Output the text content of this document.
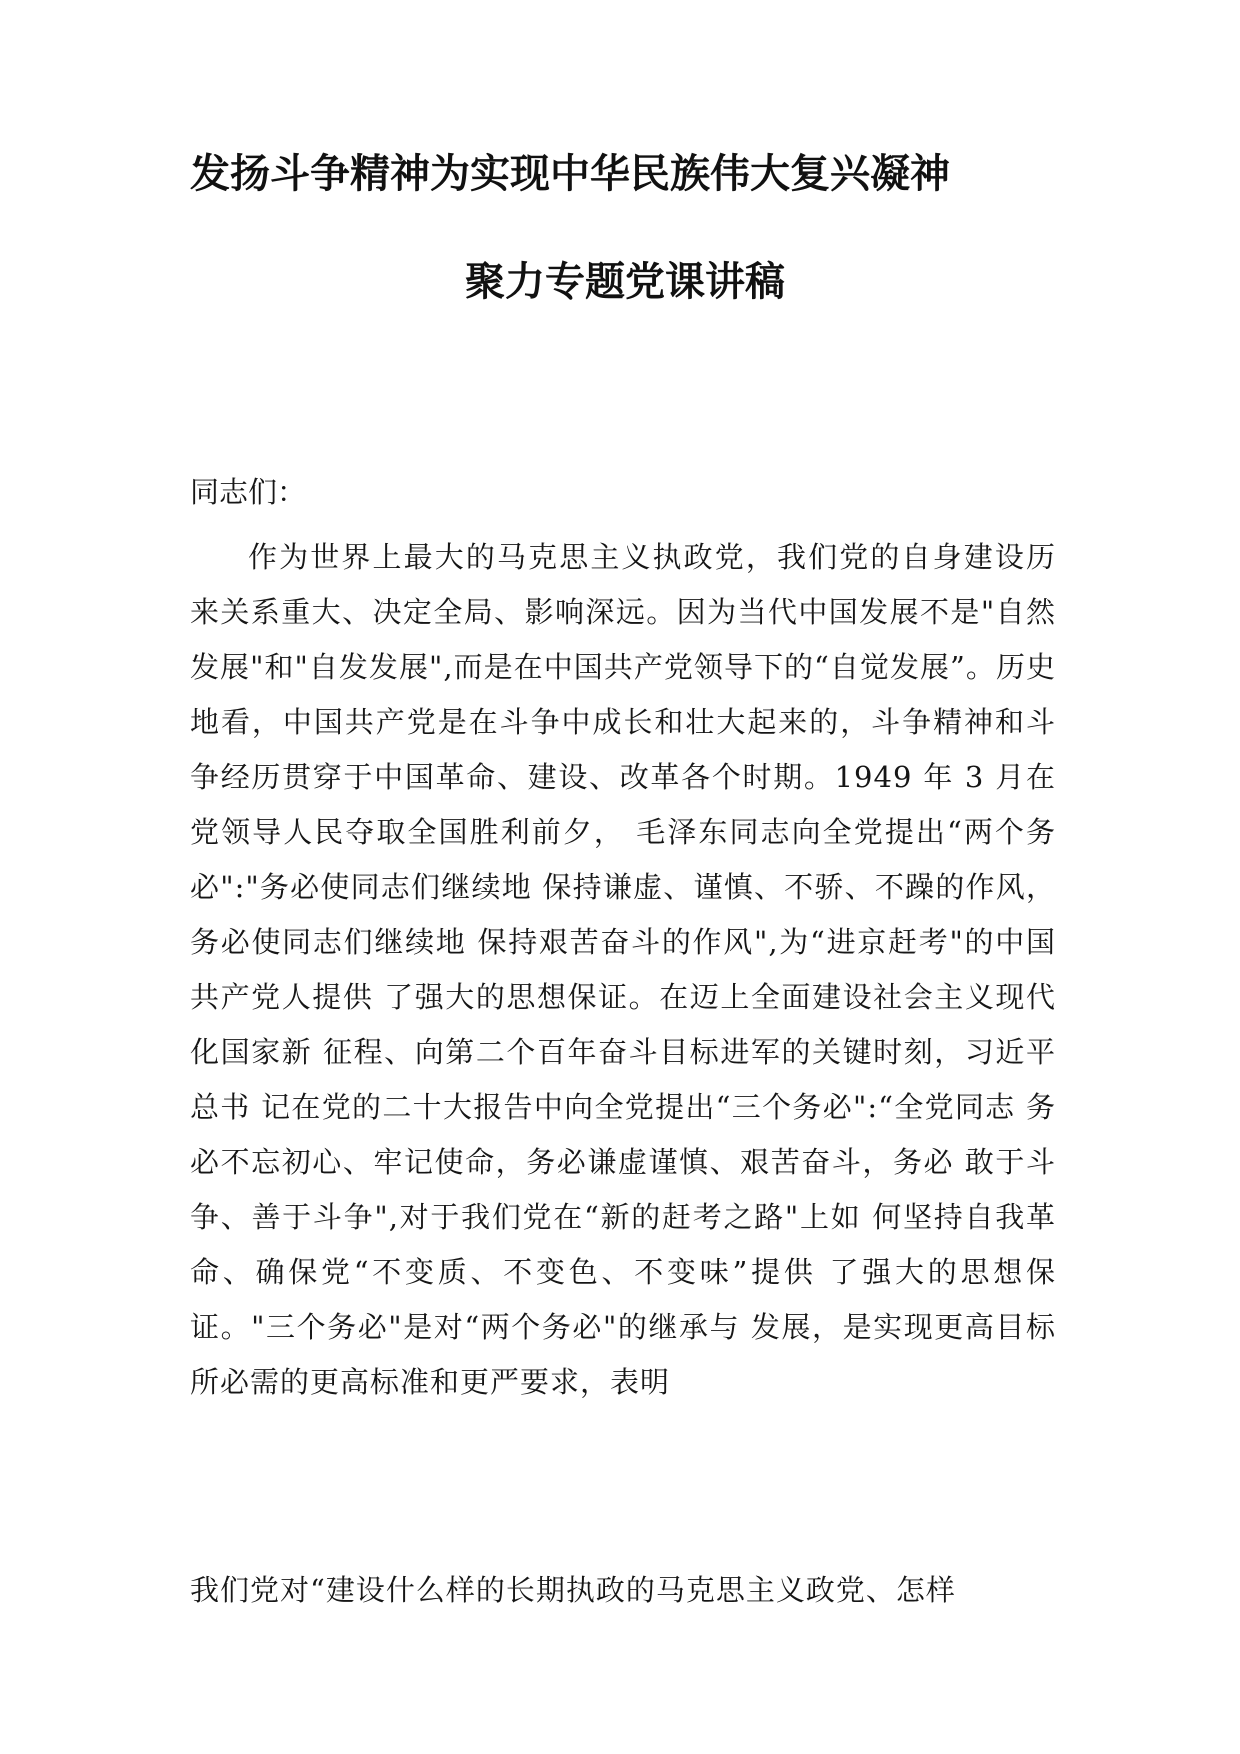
发扬斗争精神为实现中华民族伟大复兴凝神
聚力专题党课讲稿
同志们：
作为世界上最大的马克思主义执政党，我们党的自身建设历来关系重大、决定全局、影响深远。因为当代中国发展不是"自然发展"和"自发发展",而是在中国共产党领导下的“自觉发展”。历史地看，中国共产党是在斗争中成长和壮大起来的，斗争精神和斗争经历贯穿于中国革命、建设、改革各个时期。1949 年 3 月在党领导人民夺取全国胜利前夕， 毛泽东同志向全党提出“两个务必":"务必使同志们继续地 保持谦虚、谨慎、不骄、不躁的作风，务必使同志们继续地 保持艰苦奋斗的作风",为“进京赶考"的中国共产党人提供 了强大的思想保证。在迈上全面建设社会主义现代化国家新 征程、向第二个百年奋斗目标进军的关键时刻，习近平总书 记在党的二十大报告中向全党提出“三个务必":“全党同志 务必不忘初心、牢记使命，务必谦虚谨慎、艰苦奋斗，务必 敢于斗争、善于斗争",对于我们党在“新的赶考之路"上如 何坚持自我革命、确保党“不变质、不变色、不变味”提供 了强大的思想保证。"三个务必"是对“两个务必"的继承与 发展，是实现更高目标所必需的更高标准和更严要求，表明
我们党对“建设什么样的长期执政的马克思主义政党、怎样
